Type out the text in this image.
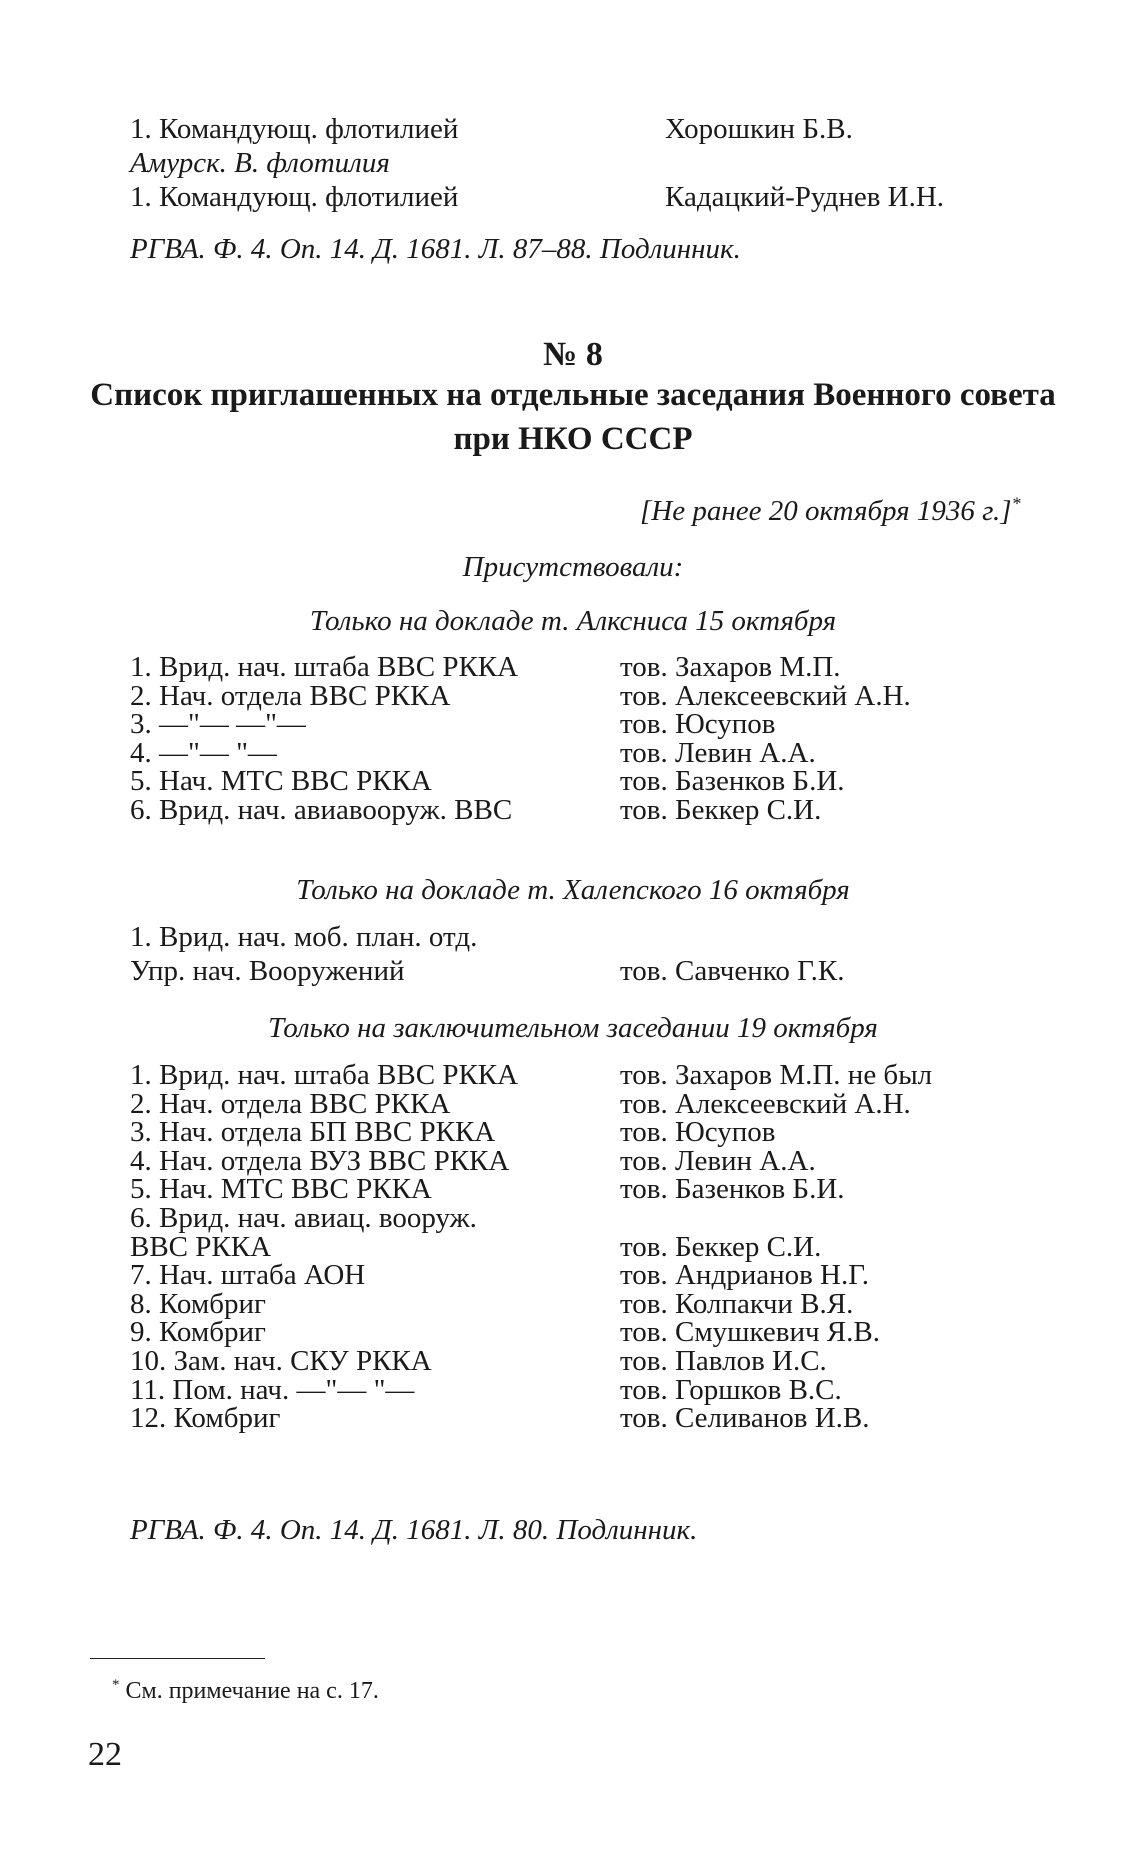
1. Командующ. флотилией	Хорошкин Б.В.
Амурск. В. флотилия
1. Командующ. флотилией	Кадацкий-Руднев И.Н.
РГВА. Ф. 4. Оп. 14. Д. 1681. Л. 87–88. Подлинник.
№ 8
Список приглашенных на отдельные заседания Военного совета
при НКО СССР
[Не ранее 20 октября 1936 г.]*
Присутствовали:
Только на докладе т. Алксниса 15 октября
1. Врид. нач. штаба ВВС РККА	тов. Захаров М.П.
2. Нач. отдела ВВС РККА	тов. Алексеевский А.Н.
3. —"— —"—	тов. Юсупов
4. —"— "—	тов. Левин А.А.
5. Нач. МТС ВВС РККА	тов. Базенков Б.И.
6. Врид. нач. авиавооруж. ВВС	тов. Беккер С.И.
Только на докладе т. Халепского 16 октября
1. Врид. нач. моб. план. отд.
Упр. нач. Вооружений	тов. Савченко Г.К.
Только на заключительном заседании 19 октября
1. Врид. нач. штаба ВВС РККА	тов. Захаров М.П. не был
2. Нач. отдела ВВС РККА	тов. Алексеевский А.Н.
3. Нач. отдела БП ВВС РККА	тов. Юсупов
4. Нач. отдела ВУЗ ВВС РККА	тов. Левин А.А.
5. Нач. МТС ВВС РККА	тов. Базенков Б.И.
6. Врид. нач. авиац. вооруж.
ВВС РККА	тов. Беккер С.И.
7. Нач. штаба АОН	тов. Андрианов Н.Г.
8. Комбриг	тов. Колпакчи В.Я.
9. Комбриг	тов. Смушкевич Я.В.
10. Зам. нач. СКУ РККА	тов. Павлов И.С.
11. Пом. нач. —"— "—	тов. Горшков В.С.
12. Комбриг	тов. Селиванов И.В.
РГВА. Ф. 4. Оп. 14. Д. 1681. Л. 80. Подлинник.
* См. примечание на с. 17.
22
